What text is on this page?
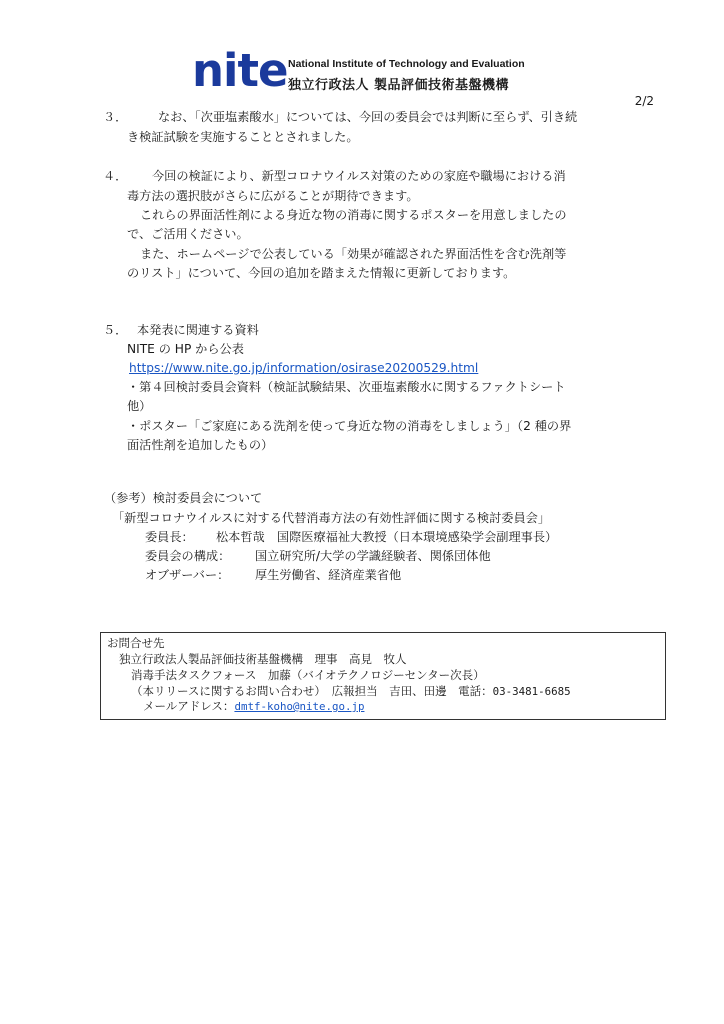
nite National Institute of Technology and Evaluation
独立行政法人 製品評価技術基盤機構
2/2
３．	なお、「次亜塩素酸水」については、今回の委員会では判断に至らず、引き続
き検証試験を実施することとされました。
４． 今回の検証により、新型コロナウイルス対策のための家庭や職場における消
毒方法の選択肢がさらに広がることが期待できます。
これらの界面活性剤による身近な物の消毒に関するポスターを用意しましたの
で、ご活用ください。
また、ホームページで公表している「効果が確認された界面活性を含む洗剤等
のリスト」について、今回の追加を踏まえた情報に更新しております。
５． 本発表に関連する資料
NITE の HP から公表
https://www.nite.go.jp/information/osirase20200529.html
・第４回検討委員会資料（検証試験結果、次亜塩素酸水に関するファクトシート
他）
・ポスター「ご家庭にある洗剤を使って身近な物の消毒をしましょう」（2 種の界
面活性剤を追加したもの）
（参考）検討委員会について
「新型コロナウイルスに対する代替消毒方法の有効性評価に関する検討委員会」
委員長： 松本哲哉　国際医療福祉大教授（日本環境感染学会副理事長）
委員会の構成： 国立研究所/大学の学識経験者、関係団体他
オブザーバー： 厚生労働省、経済産業省他
お問合せ先
独立行政法人製品評価技術基盤機構　理事　高見　牧人
消毒手法タスクフォース　加藤（バイオテクノロジーセンター次長）
（本リリースに関するお問い合わせ）　広報担当　吉田、田邊　電話：03-3481-6685
メールアドレス：dmtf-koho@nite.go.jp
